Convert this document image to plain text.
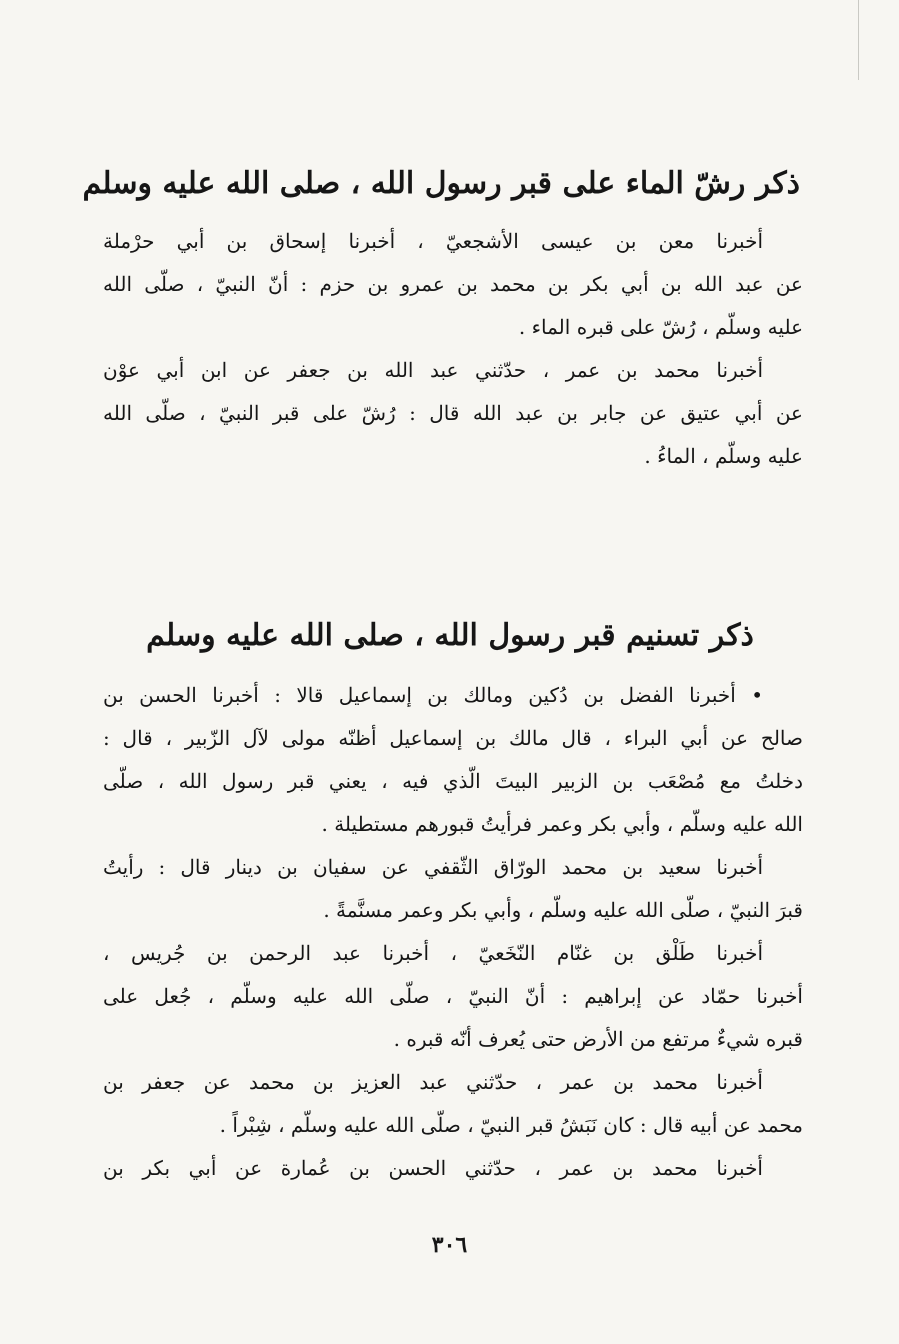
ذكر رشّ الماء على قبر رسول الله ، صلى الله عليه وسلم

أخبرنا معن بن عيسى الأشجعيّ ، أخبرنا إسحاق بن أبي حرْملة
عن عبد الله بن أبي بكر بن محمد بن عمرو بن حزم : أنّ النبيّ ، صلّى الله
عليه وسلّم ، رُشّ على قبره الماء .

أخبرنا محمد بن عمر ، حدّثني عبد الله بن جعفر عن ابن أبي عوْن
عن أبي عتيق عن جابر بن عبد الله قال : رُشّ على قبر النبيّ ، صلّى الله
عليه وسلّم ، الماءُ .

ذكر تسنيم قبر رسول الله ، صلى الله عليه وسلم

• أخبرنا الفضل بن دُكين ومالك بن إسماعيل قالا : أخبرنا الحسن بن
صالح عن أبي البراء ، قال مالك بن إسماعيل أظنّه مولى لآل الزّبير ، قال :
دخلتُ مع مُصْعَب بن الزبير البيتَ الّذي فيه ، يعني قبر رسول الله ، صلّى
الله عليه وسلّم ، وأبي بكر وعمر فرأيتُ قبورهم مستطيلة .

أخبرنا سعيد بن محمد الورّاق الثّقفي عن سفيان بن دينار قال : رأيتُ
قبرَ النبيّ ، صلّى الله عليه وسلّم ، وأبي بكر وعمر مسنَّمةً .

أخبرنا طَلْق بن غنّام النّخَعيّ ، أخبرنا عبد الرحمن بن جُريس ،
أخبرنا حمّاد عن إبراهيم : أنّ النبيّ ، صلّى الله عليه وسلّم ، جُعل على
قبره شيءٌ مرتفع من الأرض حتى يُعرف أنّه قبره .

أخبرنا محمد بن عمر ، حدّثني عبد العزيز بن محمد عن جعفر بن
محمد عن أبيه قال : كان نَبَشُ قبر النبيّ ، صلّى الله عليه وسلّم ، شِبْراً .

أخبرنا محمد بن عمر ، حدّثني الحسن بن عُمارة عن أبي بكر بن

٣٠٦
